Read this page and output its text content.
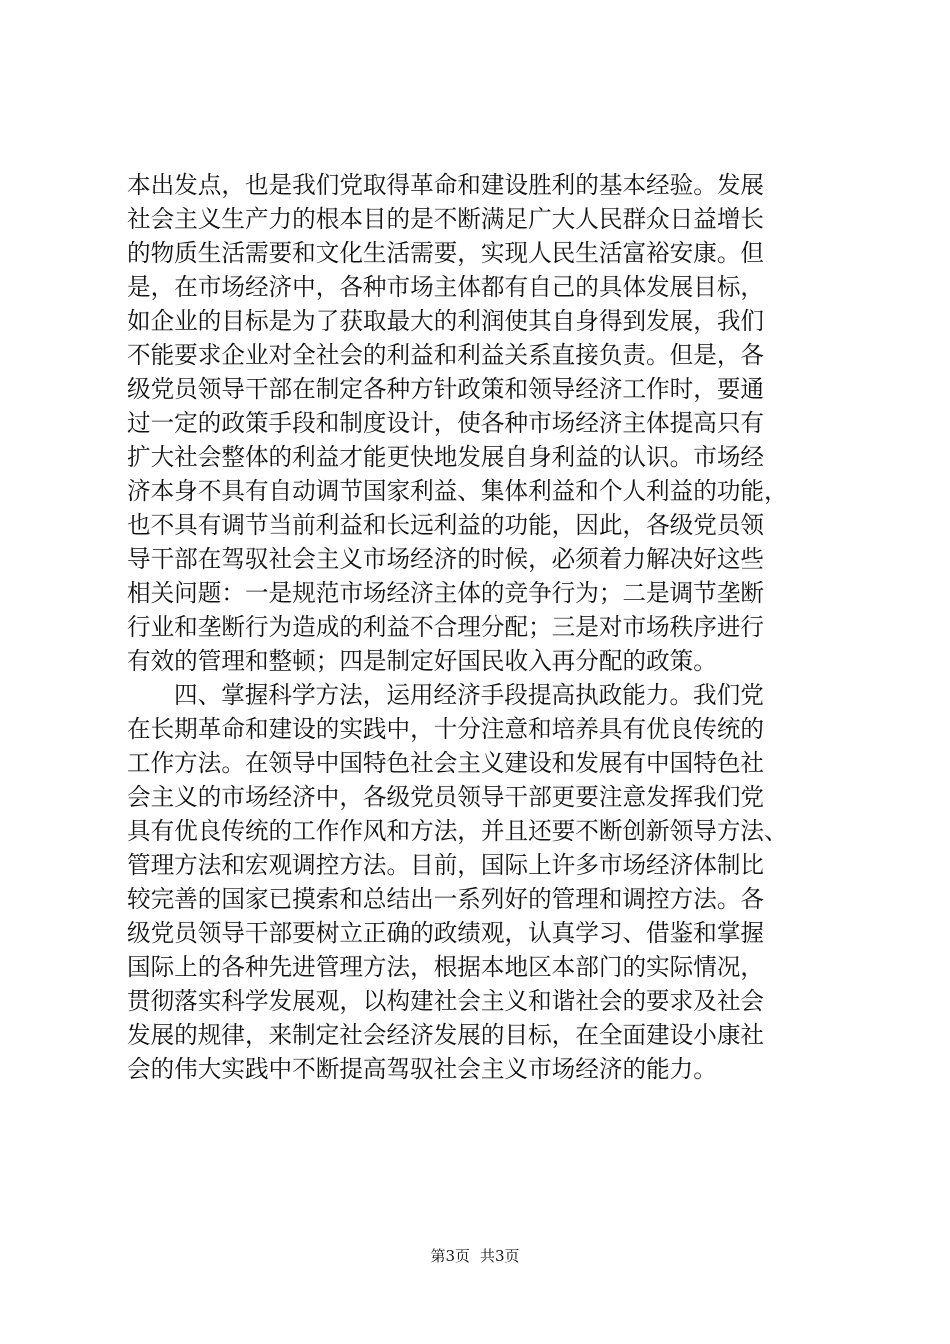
本出发点，也是我们党取得革命和建设胜利的基本经验。发展
社会主义生产力的根本目的是不断满足广大人民群众日益增长
的物质生活需要和文化生活需要，实现人民生活富裕安康。但
是，在市场经济中，各种市场主体都有自己的具体发展目标，
如企业的目标是为了获取最大的利润使其自身得到发展，我们
不能要求企业对全社会的利益和利益关系直接负责。但是，各
级党员领导干部在制定各种方针政策和领导经济工作时，要通
过一定的政策手段和制度设计，使各种市场经济主体提高只有
扩大社会整体的利益才能更快地发展自身利益的认识。市场经
济本身不具有自动调节国家利益、集体利益和个人利益的功能，
也不具有调节当前利益和长远利益的功能，因此，各级党员领
导干部在驾驭社会主义市场经济的时候，必须着力解决好这些
相关问题：一是规范市场经济主体的竞争行为；二是调节垄断
行业和垄断行为造成的利益不合理分配；三是对市场秩序进行
有效的管理和整顿；四是制定好国民收入再分配的政策。
四、掌握科学方法，运用经济手段提高执政能力。我们党
在长期革命和建设的实践中，十分注意和培养具有优良传统的
工作方法。在领导中国特色社会主义建设和发展有中国特色社
会主义的市场经济中，各级党员领导干部更要注意发挥我们党
具有优良传统的工作作风和方法，并且还要不断创新领导方法、
管理方法和宏观调控方法。目前，国际上许多市场经济体制比
较完善的国家已摸索和总结出一系列好的管理和调控方法。各
级党员领导干部要树立正确的政绩观，认真学习、借鉴和掌握
国际上的各种先进管理方法，根据本地区本部门的实际情况，
贯彻落实科学发展观，以构建社会主义和谐社会的要求及社会
发展的规律，来制定社会经济发展的目标，在全面建设小康社
会的伟大实践中不断提高驾驭社会主义市场经济的能力。
第3页 共3页
